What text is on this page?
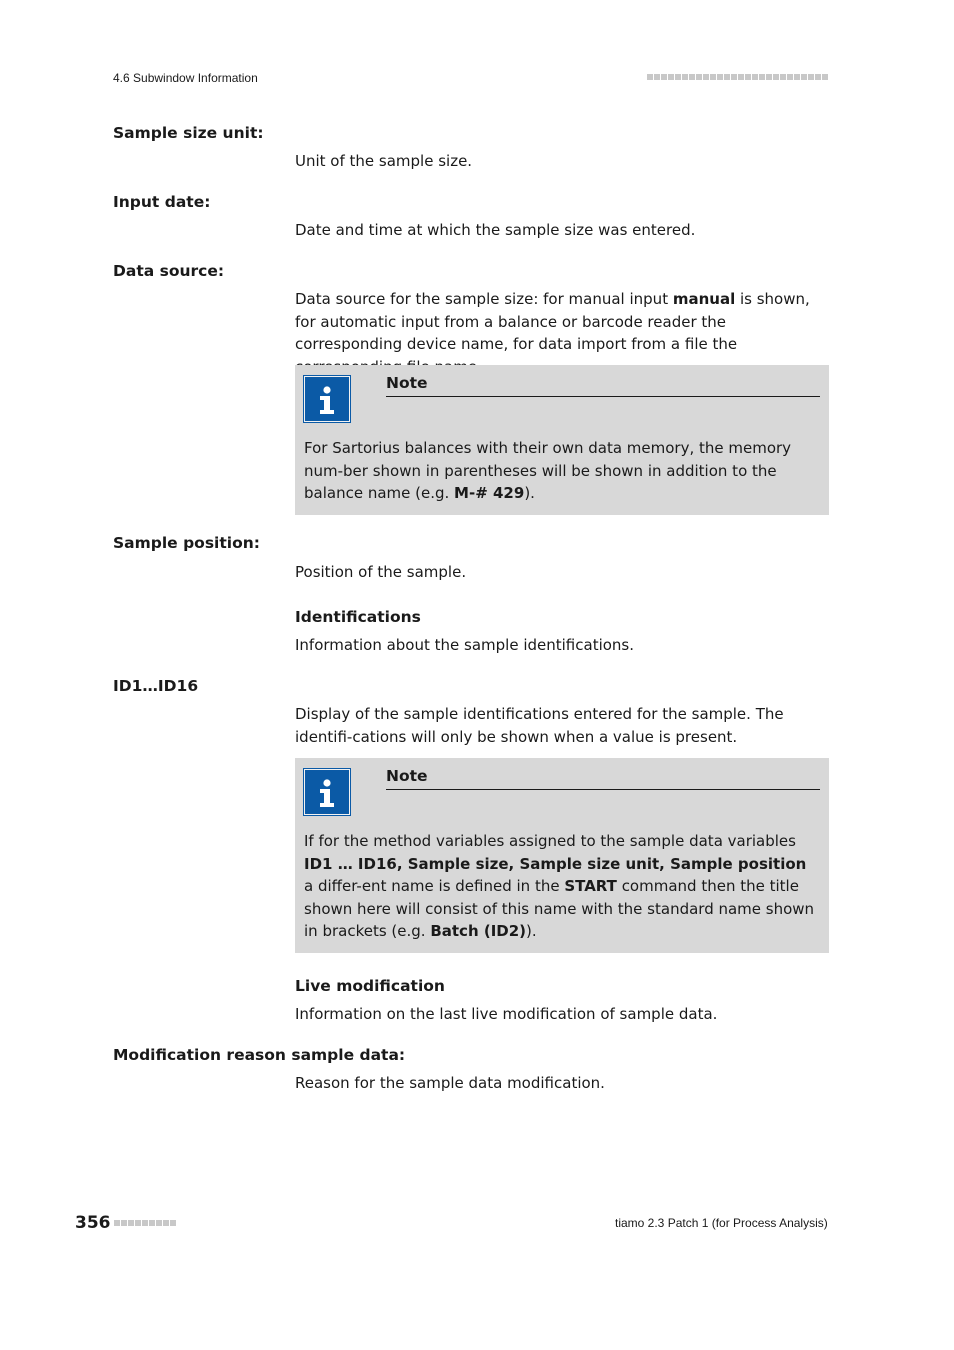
4.6 Subwindow Information
Sample size unit:
Unit of the sample size.
Input date:
Date and time at which the sample size was entered.
Data source:
Data source for the sample size: for manual input manual is shown, for automatic input from a balance or barcode reader the corresponding device name, for data import from a file the
Note
For Sartorius balances with their own data memory, the memory num-ber shown in parentheses will be shown in addition to the balance name (e.g. M-# 429).
Sample position:
Position of the sample.
Identifications
Information about the sample identifications.
ID1…ID16
Display of the sample identifications entered for the sample. The identifi-cations will only be shown when a value is present.
Note
If for the method variables assigned to the sample data variables ID1 … ID16, Sample size, Sample size unit, Sample position a differ-ent name is defined in the START command then the title shown here will consist of this name with the standard name shown in brackets (e.g. Batch (ID2)).
Live modification
Information on the last live modification of sample data.
Modification reason sample data:
Reason for the sample data modification.
356	tiamo 2.3 Patch 1 (for Process Analysis)
